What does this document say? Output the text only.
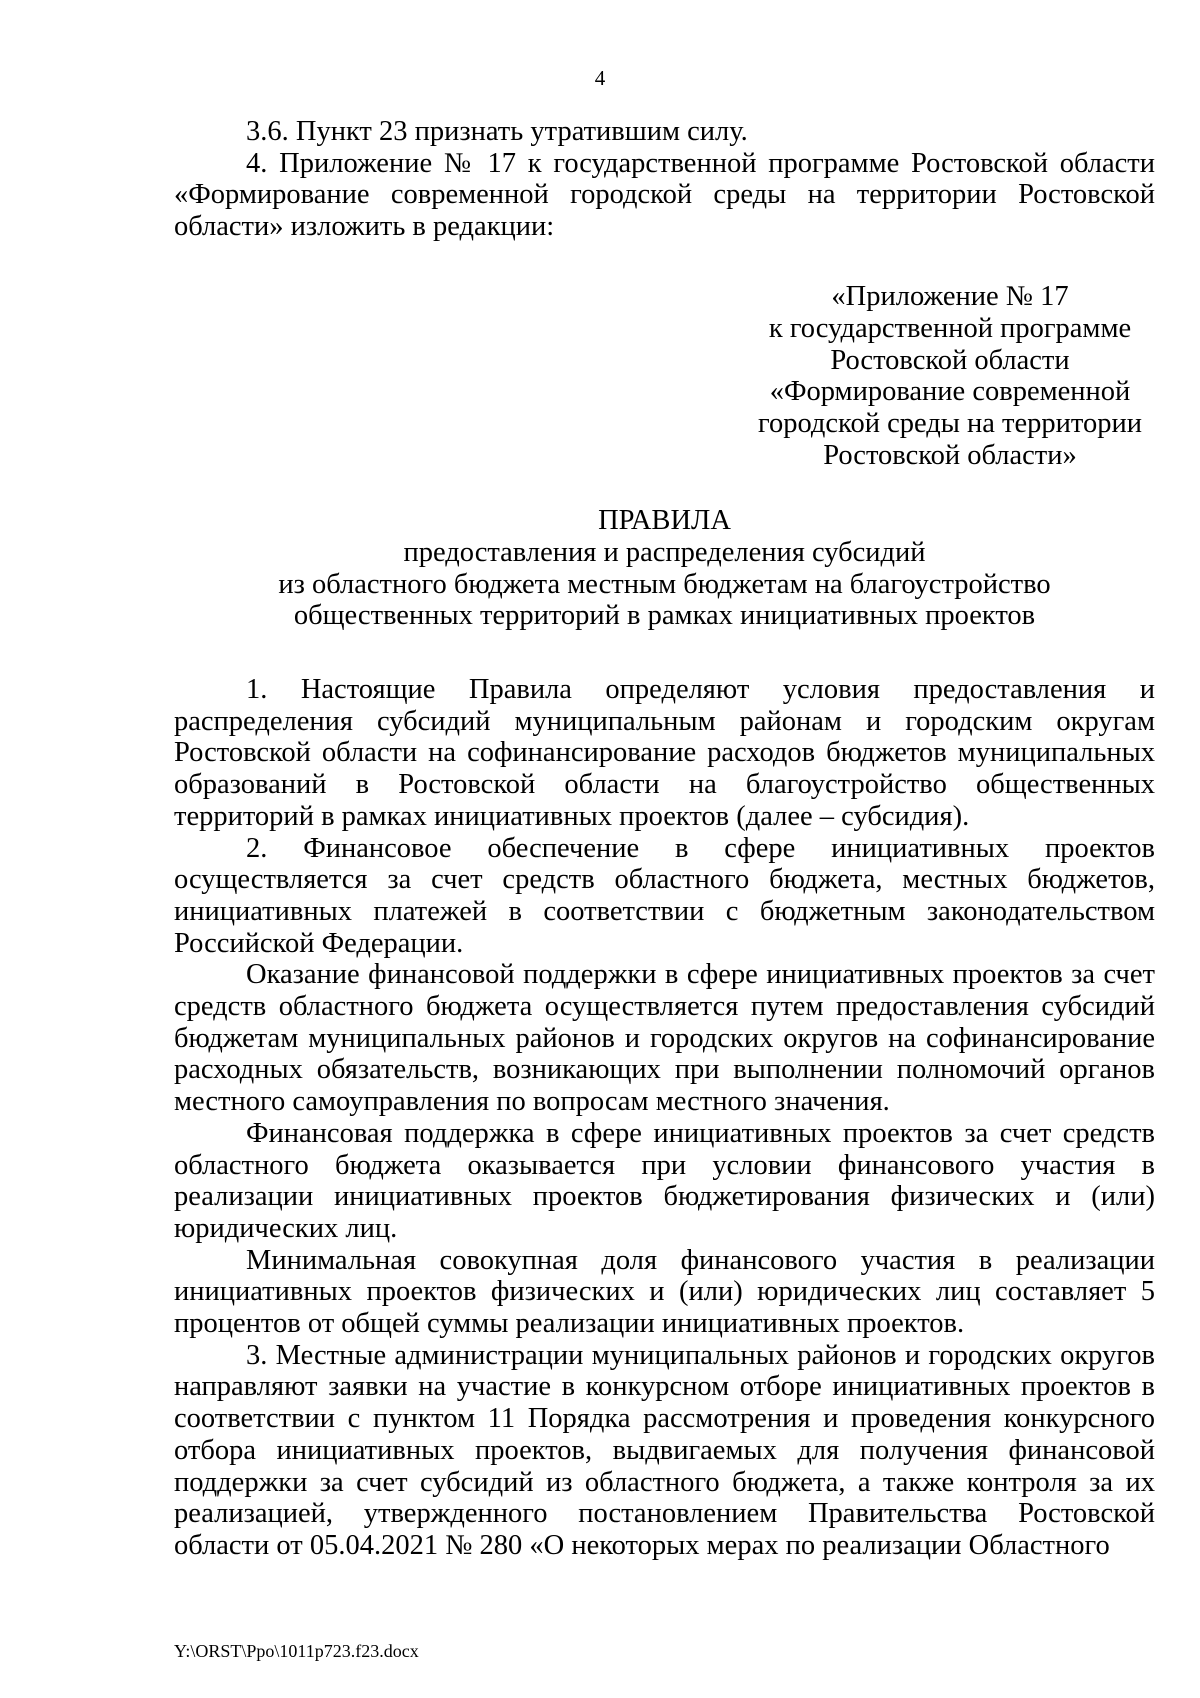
4

3.6. Пункт 23 признать утратившим силу.

4. Приложение № 17 к государственной программе Ростовской области «Формирование современной городской среды на территории Ростовской области» изложить в редакции:

«Приложение № 17
к государственной программе
Ростовской области
«Формирование современной
городской среды на территории
Ростовской области»
ПРАВИЛА
предоставления и распределения субсидий
из областного бюджета местным бюджетам на благоустройство
общественных территорий в рамках инициативных проектов

1. Настоящие Правила определяют условия предоставления и распределения субсидий муниципальным районам и городским округам Ростовской области на софинансирование расходов бюджетов муниципальных образований в Ростовской области на благоустройство общественных территорий в рамках инициативных проектов (далее – субсидия).

2. Финансовое обеспечение в сфере инициативных проектов осуществляется за счет средств областного бюджета, местных бюджетов, инициативных платежей в соответствии с бюджетным законодательством Российской Федерации.

Оказание финансовой поддержки в сфере инициативных проектов за счет средств областного бюджета осуществляется путем предоставления субсидий бюджетам муниципальных районов и городских округов на софинансирование расходных обязательств, возникающих при выполнении полномочий органов местного самоуправления по вопросам местного значения.

Финансовая поддержка в сфере инициативных проектов за счет средств областного бюджета оказывается при условии финансового участия в реализации инициативных проектов бюджетирования физических и (или) юридических лиц.

Минимальная совокупная доля финансового участия в реализации инициативных проектов физических и (или) юридических лиц составляет 5 процентов от общей суммы реализации инициативных проектов.

3. Местные администрации муниципальных районов и городских округов направляют заявки на участие в конкурсном отборе инициативных проектов в соответствии с пунктом 11 Порядка рассмотрения и проведения конкурсного отбора инициативных проектов, выдвигаемых для получения финансовой поддержки за счет субсидий из областного бюджета, а также контроля за их реализацией, утвержденного постановлением Правительства Ростовской области от 05.04.2021 № 280 «О некоторых мерах по реализации Областного

Y:\ORST\Ppo\1011p723.f23.docx
